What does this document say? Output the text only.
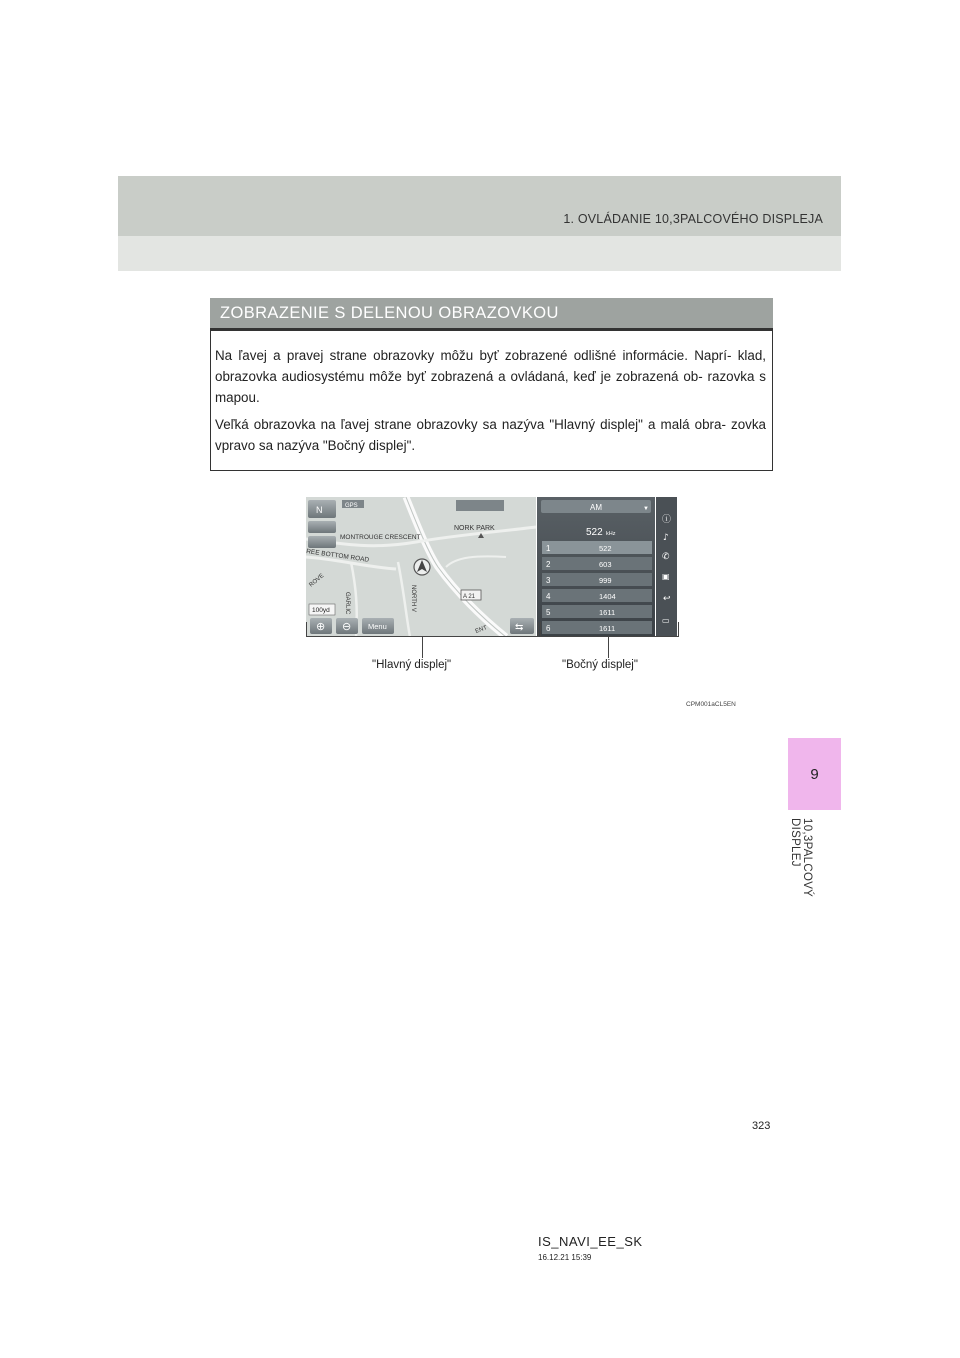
1. OVLÁDANIE 10,3PALCOVÉHO DISPLEJA
9
10,3PALCOVÝ DISPLEJ
ZOBRAZENIE S DELENOU OBRAZOVKOU

Na ľavej a pravej strane obrazovky môžu byť zobrazené odlišné informácie. Naprí- klad, obrazovka audiosystému môže byť zobrazená a ovládaná, keď je zobrazená ob- razovka s mapou.

Veľká obrazovka na ľavej strane obrazovky sa nazýva "Hlavný displej" a malá obra- zovka vpravo sa nazýva "Bočný displej".

N	GPS
NORK PARK
MONTROUGE CRESCENT
REE BOTTOM ROAD
NORTH V
GARLIC
ROVE
ENT
A 21
100yd
⊕ ⊖ Menu	⇆
AM	▼
522 kHz
1	522
2	603
3	999
4	1404
5	1611
6	1611
ⓘ
♪
✆
▣
↩
▭
"Hlavný displej"	"Bočný displej"
CPM001aCL5EN
323
IS_NAVI_EE_SK
16.12.21 15:39
